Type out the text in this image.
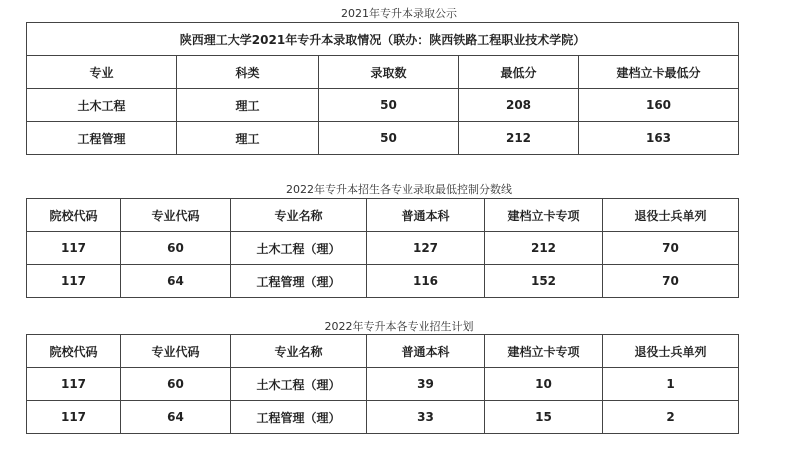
2021年专升本录取公示
陕西理工大学2021年专升本录取情况（联办：陕西铁路工程职业技术学院）				
专业	科类	录取数	最低分	建档立卡最低分
土木工程	理工	50	208	160
工程管理	理工	50	212	163
2022年专升本招生各专业录取最低控制分数线
院校代码	专业代码	专业名称	普通本科	建档立卡专项	退役士兵单列
117	60	土木工程（理）	127	212	70
117	64	工程管理（理）	116	152	70
2022年专升本各专业招生计划
院校代码	专业代码	专业名称	普通本科	建档立卡专项	退役士兵单列
117	60	土木工程（理）	39	10	1
117	64	工程管理（理）	33	15	2
